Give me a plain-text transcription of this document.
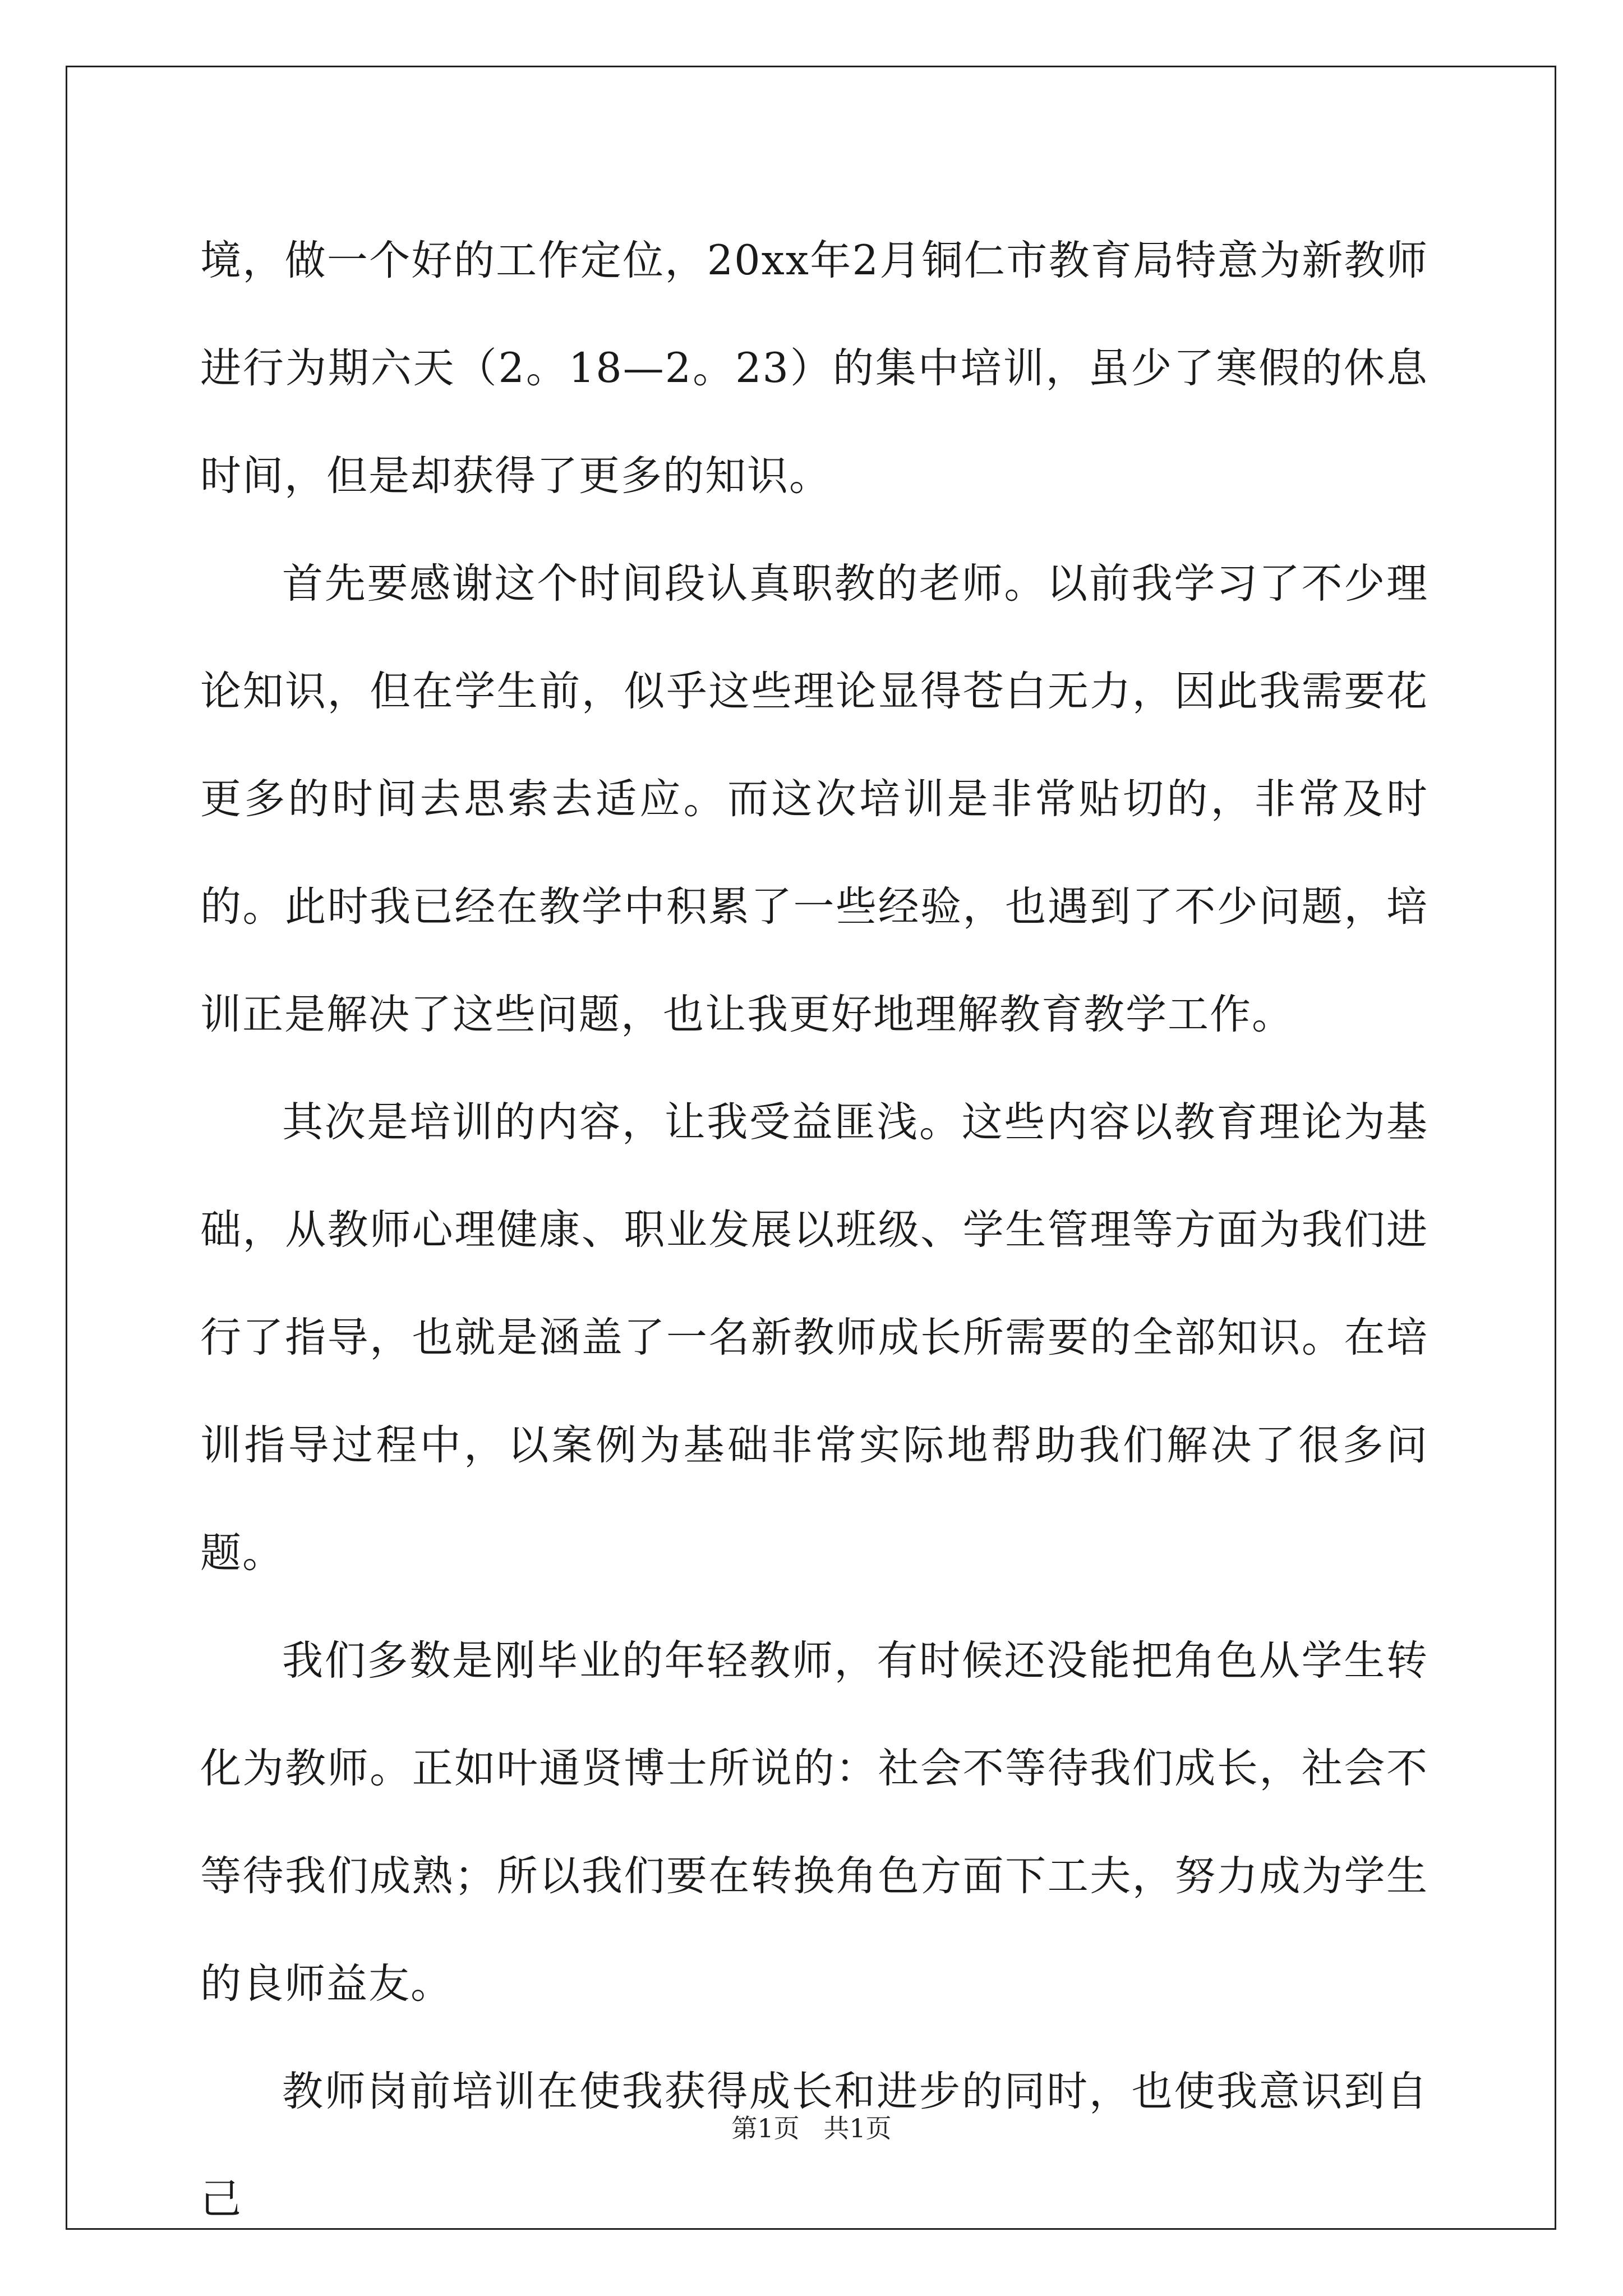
境，做一个好的工作定位，20xx年2月铜仁市教育局特意为新教师进行为期六天（2。18—2。23）的集中培训，虽少了寒假的休息时间，但是却获得了更多的知识。

首先要感谢这个时间段认真职教的老师。以前我学习了不少理论知识，但在学生前，似乎这些理论显得苍白无力，因此我需要花更多的时间去思索去适应。而这次培训是非常贴切的，非常及时的。此时我已经在教学中积累了一些经验，也遇到了不少问题，培训正是解决了这些问题，也让我更好地理解教育教学工作。

其次是培训的内容，让我受益匪浅。这些内容以教育理论为基础，从教师心理健康、职业发展以班级、学生管理等方面为我们进行了指导，也就是涵盖了一名新教师成长所需要的全部知识。在培训指导过程中，以案例为基础非常实际地帮助我们解决了很多问题。

我们多数是刚毕业的年轻教师，有时候还没能把角色从学生转化为教师。正如叶通贤博士所说的：社会不等待我们成长，社会不等待我们成熟；所以我们要在转换角色方面下工夫，努力成为学生的良师益友。

教师岗前培训在使我获得成长和进步的同时，也使我意识到自己

第1页 共1页
